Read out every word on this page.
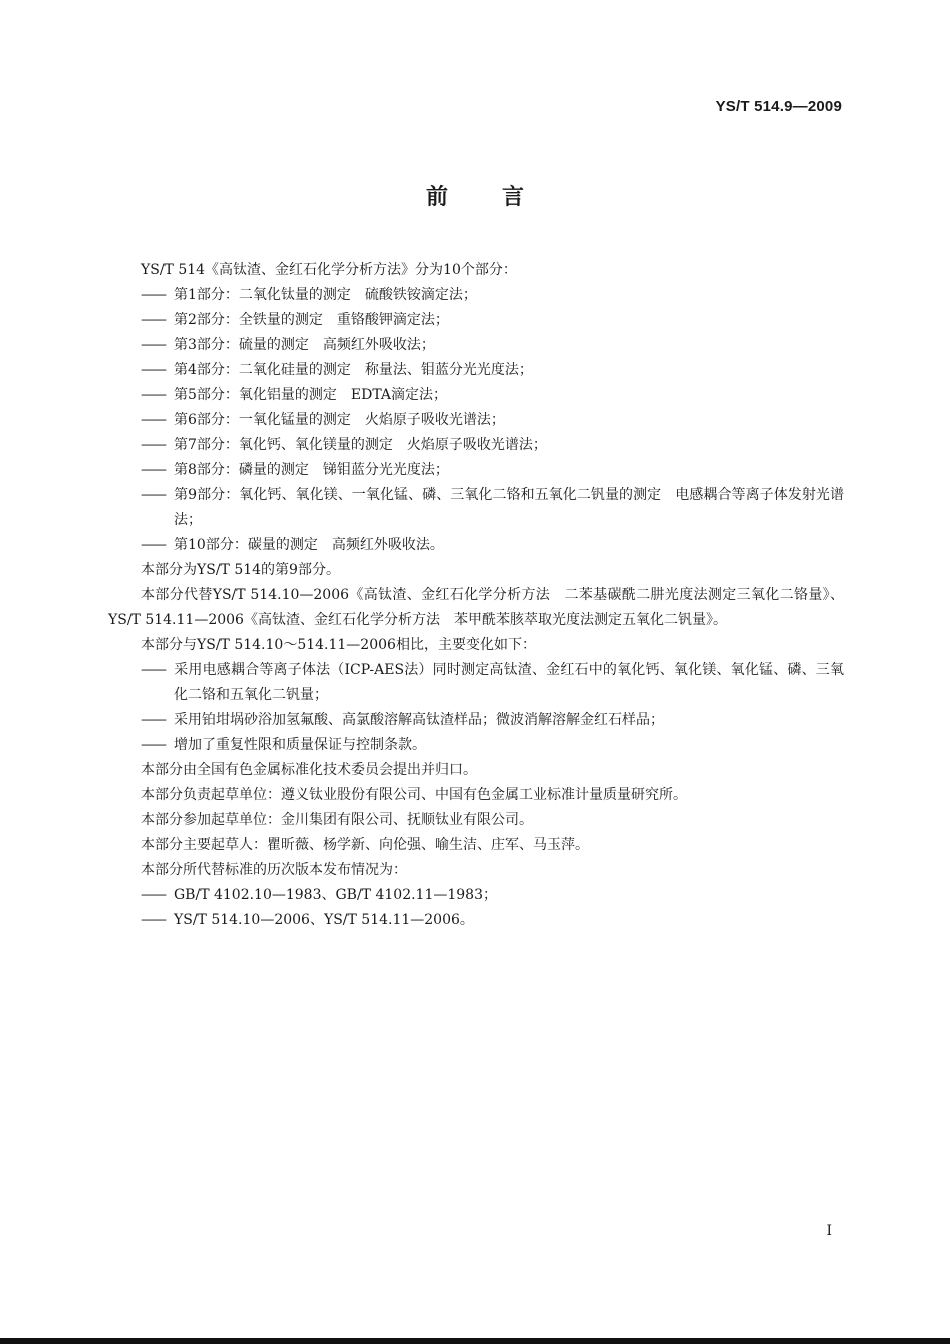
YS/T 514.9—2009
前言

YS/T 514《高钛渣、金红石化学分析方法》分为10个部分：

—— 第1部分：二氧化钛量的测定　硫酸铁铵滴定法；

—— 第2部分：全铁量的测定　重铬酸钾滴定法；

—— 第3部分：硫量的测定　高频红外吸收法；

—— 第4部分：二氧化硅量的测定　称量法、钼蓝分光光度法；

—— 第5部分：氧化铝量的测定　EDTA滴定法；

—— 第6部分：一氧化锰量的测定　火焰原子吸收光谱法；

—— 第7部分：氧化钙、氧化镁量的测定　火焰原子吸收光谱法；

—— 第8部分：磷量的测定　锑钼蓝分光光度法；

—— 第9部分：氧化钙、氧化镁、一氧化锰、磷、三氧化二铬和五氧化二钒量的测定　电感耦合等离子体发射光谱法；

—— 第10部分：碳量的测定　高频红外吸收法。

本部分为YS/T 514的第9部分。

本部分代替YS/T 514.10—2006《高钛渣、金红石化学分析方法　二苯基碳酰二肼光度法测定三氧化二铬量》、YS/T 514.11—2006《高钛渣、金红石化学分析方法　苯甲酰苯胲萃取光度法测定五氧化二钒量》。

本部分与YS/T 514.10～514.11—2006相比，主要变化如下：

—— 采用电感耦合等离子体法（ICP-AES法）同时测定高钛渣、金红石中的氧化钙、氧化镁、氧化锰、磷、三氧化二铬和五氧化二钒量；

—— 采用铂坩埚砂浴加氢氟酸、高氯酸溶解高钛渣样品；微波消解溶解金红石样品；

—— 增加了重复性限和质量保证与控制条款。

本部分由全国有色金属标准化技术委员会提出并归口。

本部分负责起草单位：遵义钛业股份有限公司、中国有色金属工业标准计量质量研究所。

本部分参加起草单位：金川集团有限公司、抚顺钛业有限公司。

本部分主要起草人：瞿昕薇、杨学新、向伦强、喻生洁、庄军、马玉萍。

本部分所代替标准的历次版本发布情况为：

—— GB/T 4102.10—1983、GB/T 4102.11—1983；

—— YS/T 514.10—2006、YS/T 514.11—2006。

I
